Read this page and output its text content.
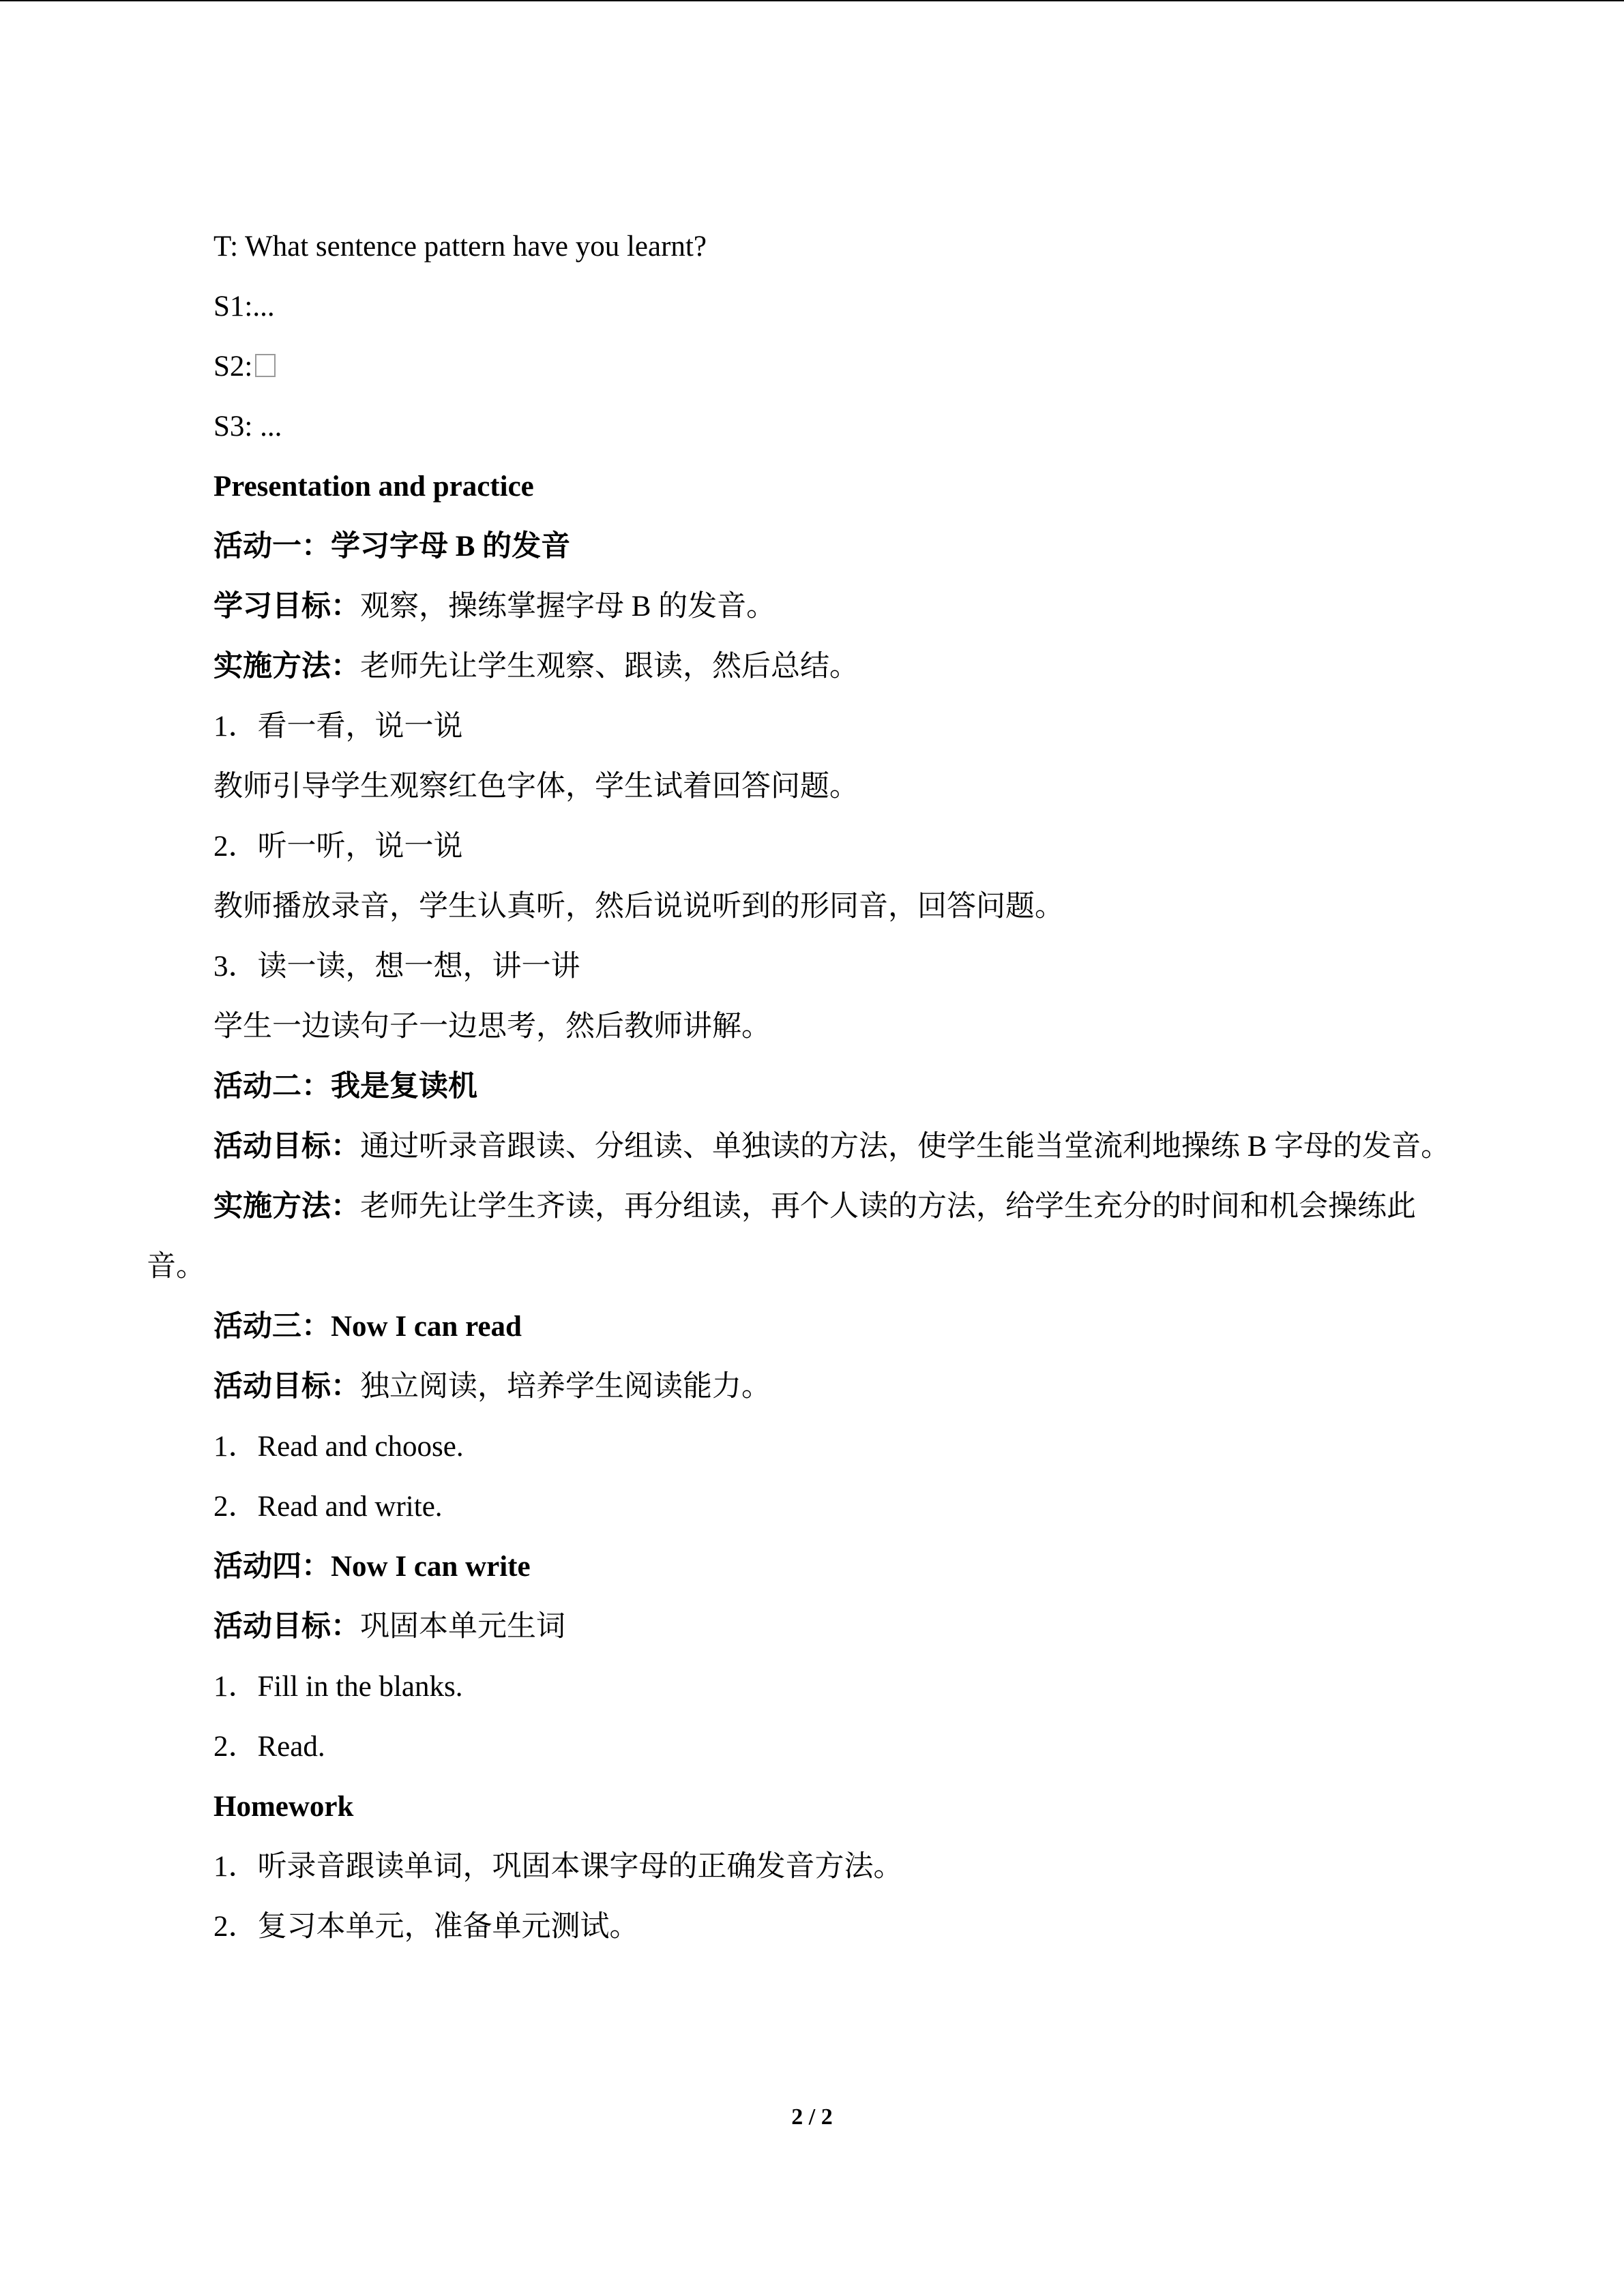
T: What sentence pattern have you learnt?
S1:...
S2:
S3: ...
Presentation and practice
活动一：学习字母 B 的发音
学习目标：观察，操练掌握字母 B 的发音。
实施方法：老师先让学生观察、跟读，然后总结。
1．看一看，说一说
教师引导学生观察红色字体，学生试着回答问题。
2．听一听，说一说
教师播放录音，学生认真听，然后说说听到的形同音，回答问题。
3．读一读，想一想，讲一讲
学生一边读句子一边思考，然后教师讲解。
活动二：我是复读机
活动目标：通过听录音跟读、分组读、单独读的方法，使学生能当堂流利地操练 B 字母的发音。
实施方法：老师先让学生齐读，再分组读，再个人读的方法，给学生充分的时间和机会操练此音。
活动三：Now I can read
活动目标：独立阅读，培养学生阅读能力。
1．Read and choose.
2．Read and write.
活动四：Now I can write
活动目标：巩固本单元生词
1．Fill in the blanks.
2．Read.
Homework
1．听录音跟读单词，巩固本课字母的正确发音方法。
2．复习本单元，准备单元测试。
2 / 2
